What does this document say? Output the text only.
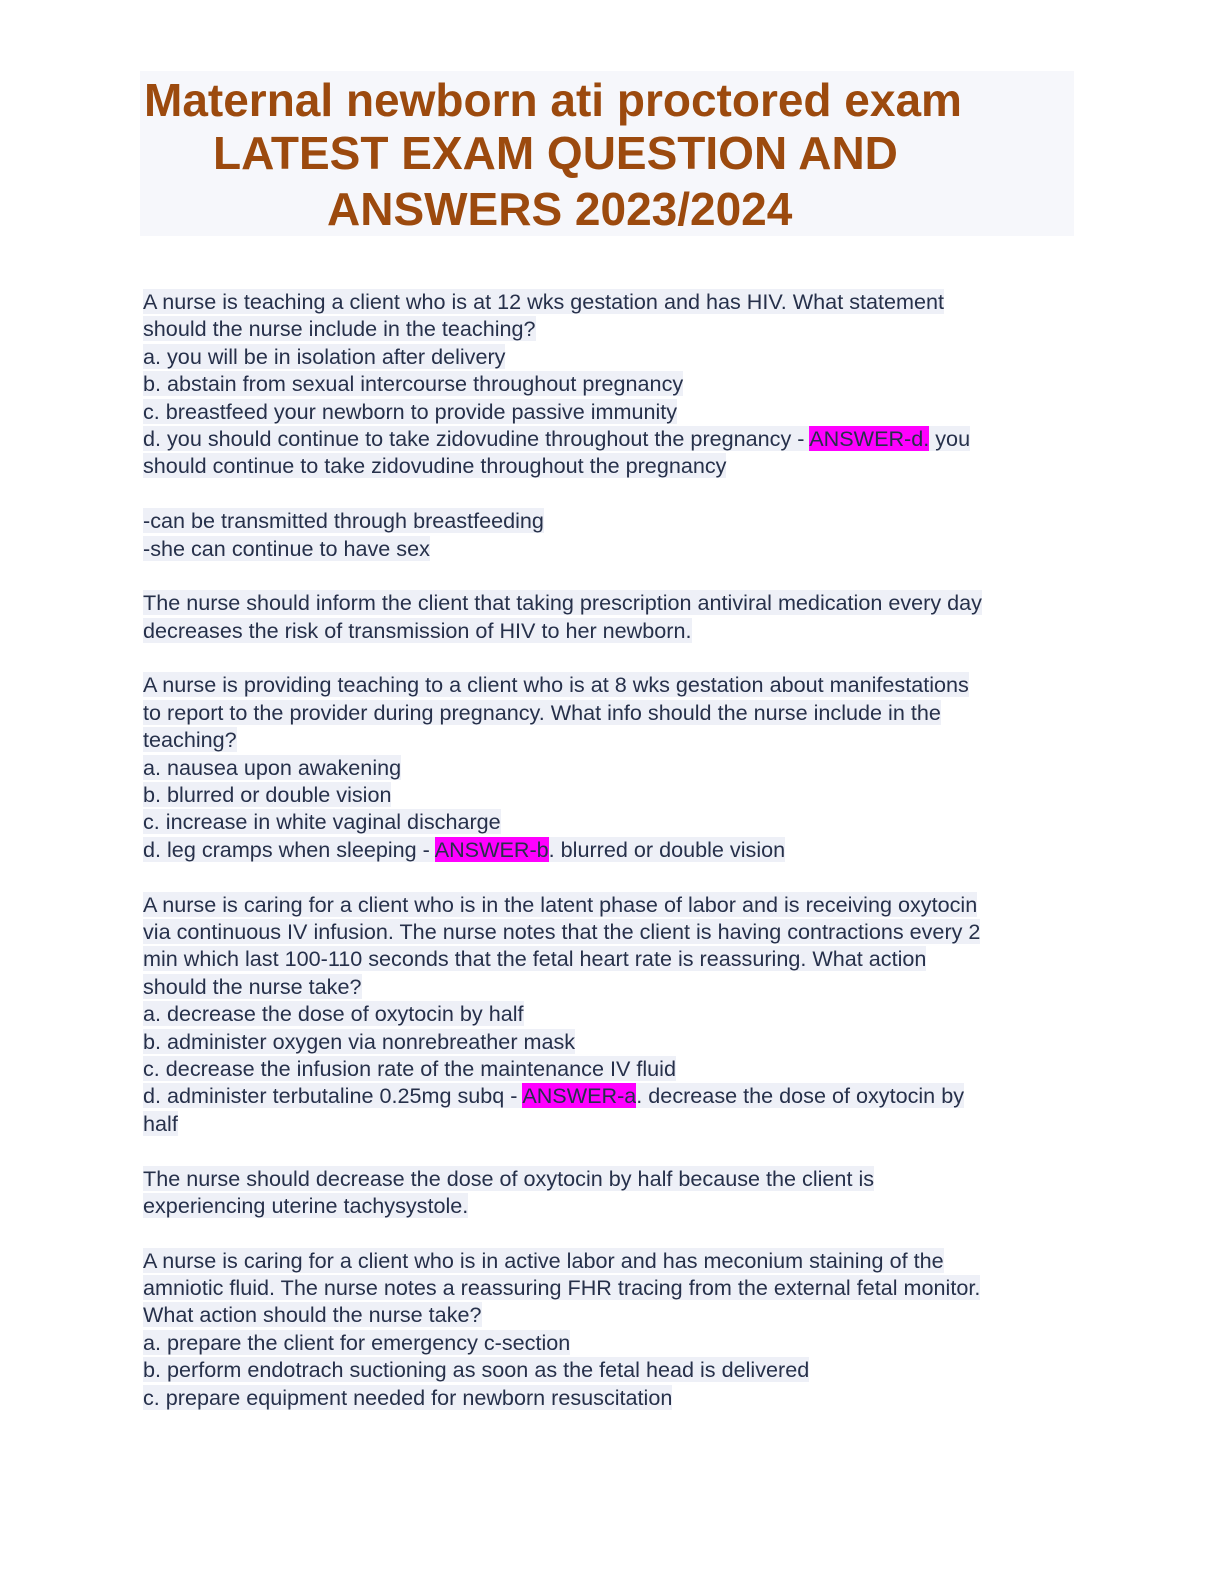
Maternal newborn ati proctored exam
LATEST EXAM QUESTION AND
ANSWERS 2023/2024
A nurse is teaching a client who is at 12 wks gestation and has HIV. What statement
should the nurse include in the teaching?
a. you will be in isolation after delivery
b. abstain from sexual intercourse throughout pregnancy
c. breastfeed your newborn to provide passive immunity
d. you should continue to take zidovudine throughout the pregnancy - ANSWER-d. you
should continue to take zidovudine throughout the pregnancy
-can be transmitted through breastfeeding
-she can continue to have sex
The nurse should inform the client that taking prescription antiviral medication every day
decreases the risk of transmission of HIV to her newborn.
A nurse is providing teaching to a client who is at 8 wks gestation about manifestations
to report to the provider during pregnancy. What info should the nurse include in the
teaching?
a. nausea upon awakening
b. blurred or double vision
c. increase in white vaginal discharge
d. leg cramps when sleeping - ANSWER-b. blurred or double vision
A nurse is caring for a client who is in the latent phase of labor and is receiving oxytocin
via continuous IV infusion. The nurse notes that the client is having contractions every 2
min which last 100-110 seconds that the fetal heart rate is reassuring. What action
should the nurse take?
a. decrease the dose of oxytocin by half
b. administer oxygen via nonrebreather mask
c. decrease the infusion rate of the maintenance IV fluid
d. administer terbutaline 0.25mg subq - ANSWER-a. decrease the dose of oxytocin by
half
The nurse should decrease the dose of oxytocin by half because the client is
experiencing uterine tachysystole.
A nurse is caring for a client who is in active labor and has meconium staining of the
amniotic fluid. The nurse notes a reassuring FHR tracing from the external fetal monitor.
What action should the nurse take?
a. prepare the client for emergency c-section
b. perform endotrach suctioning as soon as the fetal head is delivered
c. prepare equipment needed for newborn resuscitation
